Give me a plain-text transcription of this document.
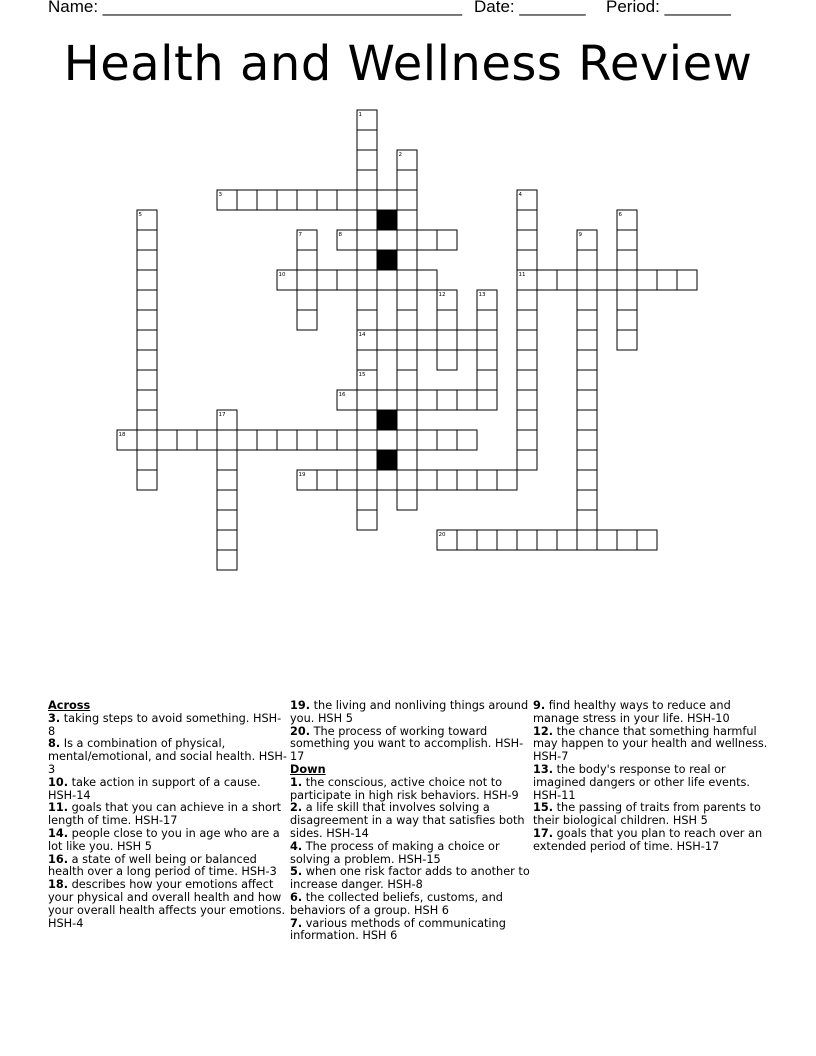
Name: ______________________________________ Date: _______ Period: _______
Health and Wellness Review
3
8
10	11
14
16
18
19
20
1
2
4
5	6
7	9
12	13
15
17
Across
3. taking steps to avoid something. HSH-8
8. Is a combination of physical, mental/emotional, and social health. HSH-3
10. take action in support of a cause. HSH-14
11. goals that you can achieve in a short length of time. HSH-17
14. people close to you in age who are a lot like you. HSH 5
16. a state of well being or balanced health over a long period of time. HSH-3
18. describes how your emotions affect your physical and overall health and how your overall health affects your emotions. HSH-4
19. the living and nonliving things around you. HSH 5
20. The process of working toward something you want to accomplish. HSH-17
Down
1. the conscious, active choice not to participate in high risk behaviors. HSH-9
2. a life skill that involves solving a disagreement in a way that satisfies both sides. HSH-14
4. The process of making a choice or solving a problem. HSH-15
5. when one risk factor adds to another to increase danger. HSH-8
6. the collected beliefs, customs, and behaviors of a group. HSH 6
7. various methods of communicating information. HSH 6
9. find healthy ways to reduce and manage stress in your life. HSH-10
12. the chance that something harmful may happen to your health and wellness. HSH-7
13. the body's response to real or imagined dangers or other life events. HSH-11
15. the passing of traits from parents to their biological children. HSH 5
17. goals that you plan to reach over an extended period of time. HSH-17
